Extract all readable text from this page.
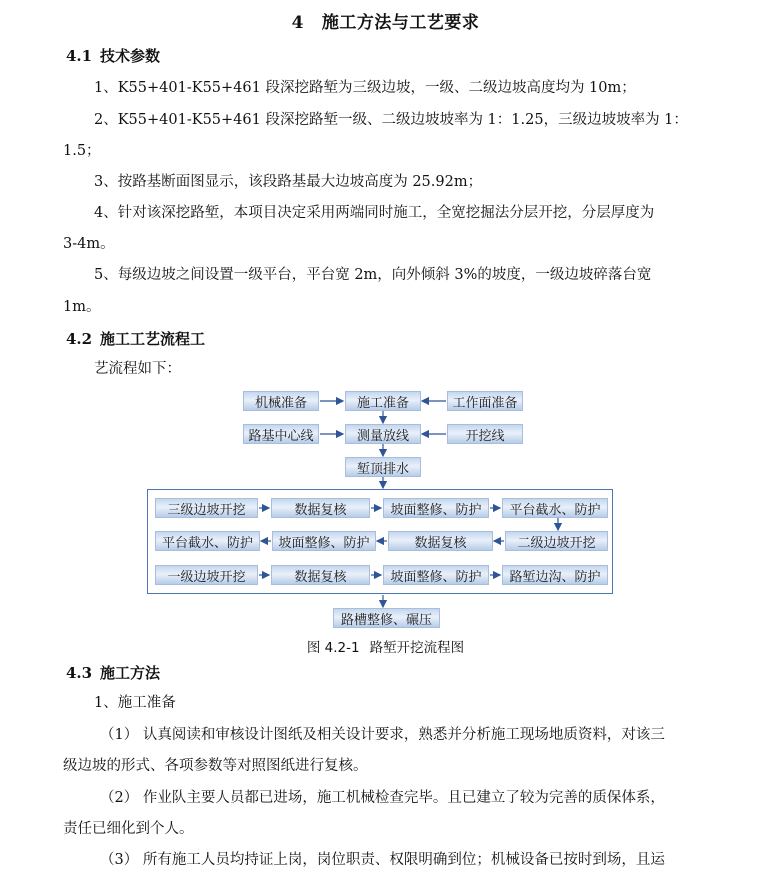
4 施工方法与工艺要求
4.1 技术参数
1、K55+401-K55+461 段深挖路堑为三级边坡，一级、二级边坡高度均为 10m；
2、K55+401-K55+461 段深挖路堑一级、二级边坡坡率为 1：1.25，三级边坡坡率为 1：
1.5；
3、按路基断面图显示，该段路基最大边坡高度为 25.92m；
4、针对该深挖路堑，本项目决定采用两端同时施工，全宽挖掘法分层开挖，分层厚度为
3-4m。
5、每级边坡之间设置一级平台，平台宽 2m，向外倾斜 3%的坡度，一级边坡碎落台宽
1m。
4.2 施工工艺流程工
艺流程如下：
机械准备	施工准备	工作面准备
路基中心线	测量放线	开挖线
堑顶排水
三级边坡开挖	数据复核	坡面整修、防护	平台截水、防护
平台截水、防护	坡面整修、防护	数据复核	二级边坡开挖
一级边坡开挖	数据复核	坡面整修、防护	路堑边沟、防护
路槽整修、碾压
图 4.2-1 路堑开挖流程图
4.3 施工方法
1、施工准备
（1） 认真阅读和审核设计图纸及相关设计要求，熟悉并分析施工现场地质资料，对该三
级边坡的形式、各项参数等对照图纸进行复核。
（2） 作业队主要人员都已进场，施工机械检查完毕。且已建立了较为完善的质保体系，
责任已细化到个人。
（3） 所有施工人员均持证上岗，岗位职责、权限明确到位；机械设备已按时到场，且运
